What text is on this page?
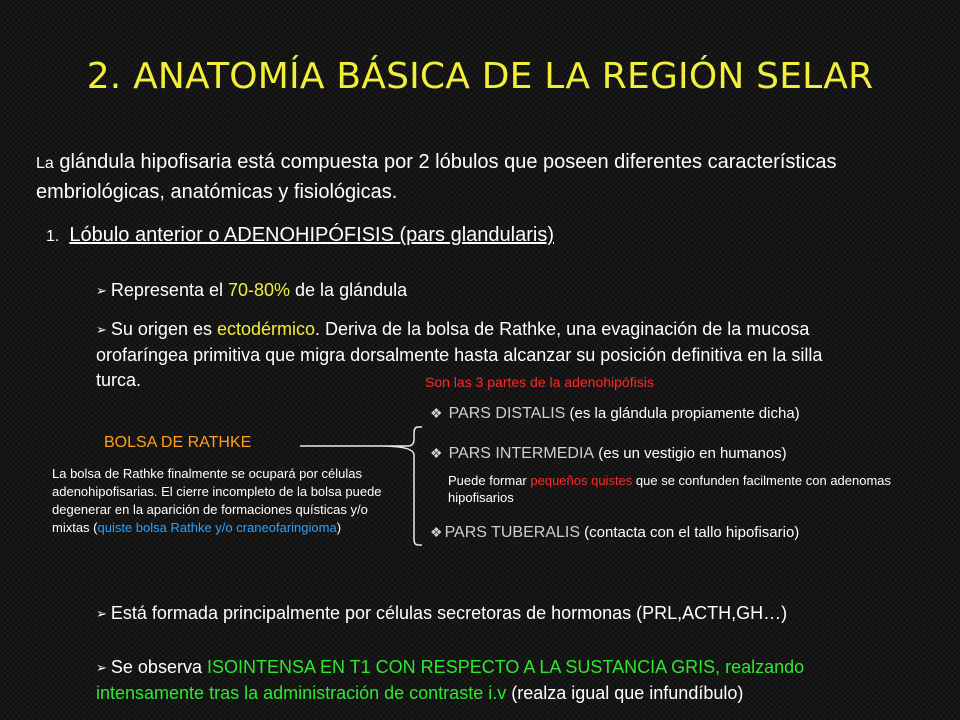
2. ANATOMÍA BÁSICA DE LA REGIÓN SELAR
La glándula hipofisaria está compuesta por 2 lóbulos que poseen diferentes características embriológicas, anatómicas y fisiológicas.
1. Lóbulo anterior o ADENOHIPÓFISIS (pars glandularis)
➢ Representa el 70-80% de la glándula
➢ Su origen es ectodérmico. Deriva de la bolsa de Rathke, una evaginación de la mucosa orofaríngea primitiva que migra dorsalmente hasta alcanzar su posición definitiva en la silla turca.	Son las 3 partes de la adenohipófisis
❖ PARS DISTALIS (es la glándula propiamente dicha)
❖ PARS INTERMEDIA (es un vestigio en humanos)
Puede formar pequeños quistes que se confunden facilmente con adenomas hipofisarios
❖ PARS TUBERALIS (contacta con el tallo hipofisario)
BOLSA DE RATHKE
La bolsa de Rathke finalmente se ocupará por células adenohipofisarias. El cierre incompleto de la bolsa puede degenerar en la aparición de formaciones quísticas y/o mixtas (quiste bolsa Rathke y/o craneofaringioma)
➢ Está formada principalmente por células secretoras de hormonas (PRL,ACTH,GH…)
➢ Se observa ISOINTENSA EN T1 CON RESPECTO A LA SUSTANCIA GRIS, realzando intensamente tras la administración de contraste i.v (realza igual que infundíbulo)
